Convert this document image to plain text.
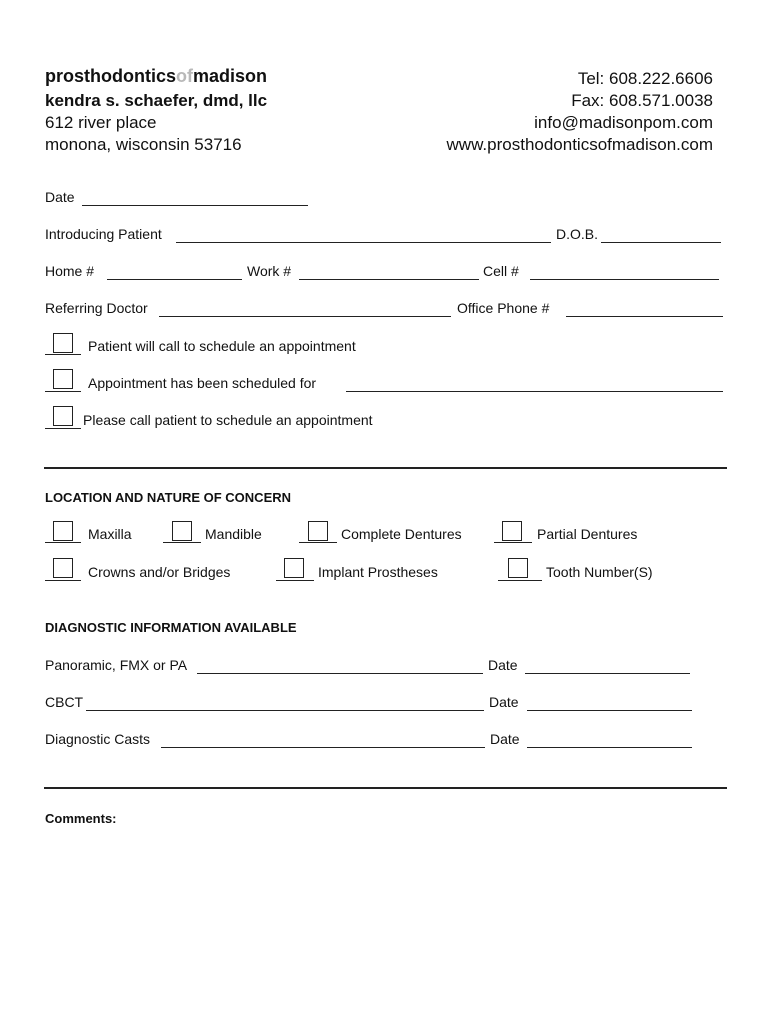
prosthodonticsofmadison
kendra s. schaefer, dmd, llc
612 river place
monona, wisconsin 53716
Tel: 608.222.6606
Fax: 608.571.0038
info@madisonpom.com
www.prosthodonticsofmadison.com
Date
Introducing Patient	D.O.B.
Home #	Work #	Cell #
Referring Doctor	Office Phone #
Patient will call to schedule an appointment
Appointment has been scheduled for
Please call patient to schedule an appointment
LOCATION AND NATURE OF CONCERN
Maxilla	Mandible	Complete Dentures	Partial Dentures
Crowns and/or Bridges	Implant Prostheses	Tooth Number(S)
DIAGNOSTIC INFORMATION AVAILABLE
Panoramic, FMX or PA	Date
CBCT	Date
Diagnostic Casts	Date
Comments:
